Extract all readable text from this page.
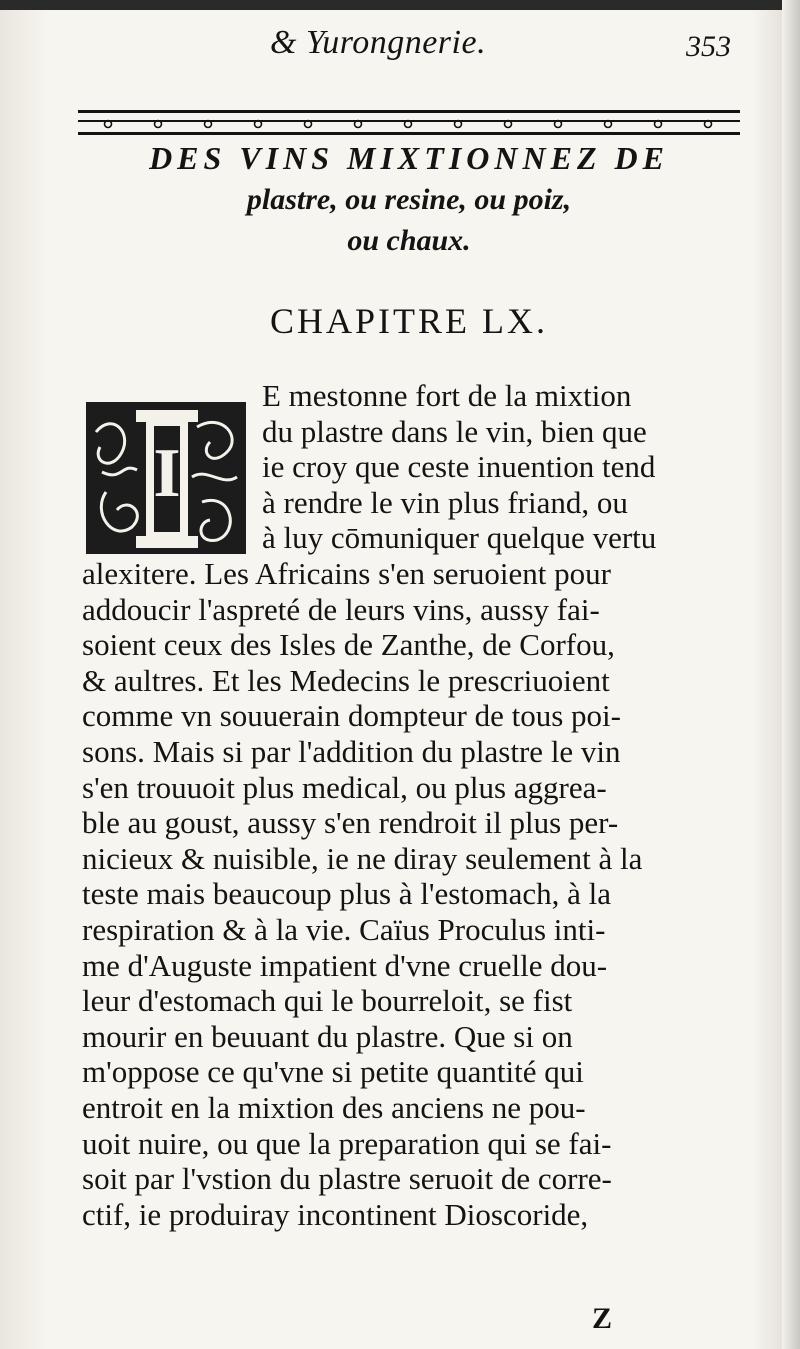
& Yurongnerie.	353
DES VINS MIXTIONNEZ DE
plastre, ou resine, ou poiz,
ou chaux.
CHAPITRE LX.
I
E mestonne fort de la mixtion
du plastre dans le vin, bien que
ie croy que ceste inuention tend
à rendre le vin plus friand, ou
à luy cōmuniquer quelque vertu
alexitere. Les Africains s'en seruoient pour
addoucir l'aspreté de leurs vins, aussy fai-
soient ceux des Isles de Zanthe, de Corfou,
& aultres. Et les Medecins le prescriuoient
comme vn souuerain dompteur de tous poi-
sons. Mais si par l'addition du plastre le vin
s'en trouuoit plus medical, ou plus aggrea-
ble au goust, aussy s'en rendroit il plus per-
nicieux & nuisible, ie ne diray seulement à la
teste mais beaucoup plus à l'estomach, à la
respiration & à la vie. Caïus Proculus inti-
me d'Auguste impatient d'vne cruelle dou-
leur d'estomach qui le bourreloit, se fist
mourir en beuuant du plastre. Que si on
m'oppose ce qu'vne si petite quantité qui
entroit en la mixtion des anciens ne pou-
uoit nuire, ou que la preparation qui se fai-
soit par l'vstion du plastre seruoit de corre-
ctif, ie produiray incontinent Dioscoride,
Z
